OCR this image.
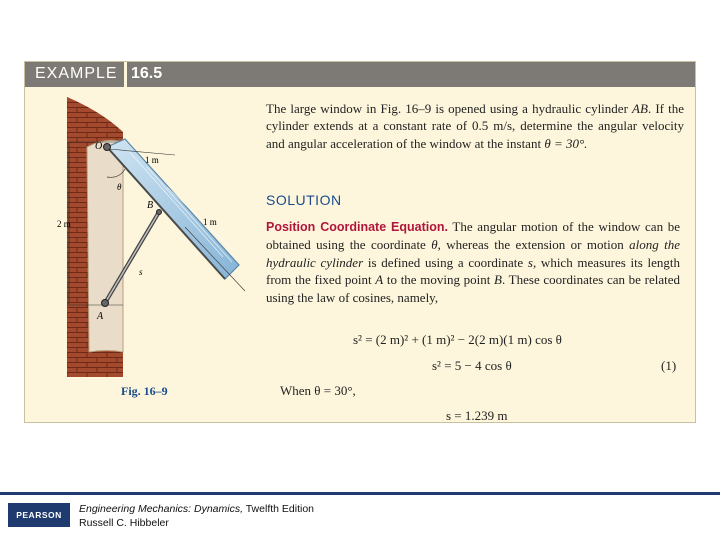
EXAMPLE 16.5
O
1 m
θ
B
2 m	1 m
s
A
Fig. 16–9
The large window in Fig. 16–9 is opened using a hydraulic cylinder AB. If the cylinder extends at a constant rate of 0.5 m/s, determine the angular velocity and angular acceleration of the window at the instant θ = 30°.
SOLUTION
Position Coordinate Equation. The angular motion of the window can be obtained using the coordinate θ, whereas the extension or motion along the hydraulic cylinder is defined using a coordinate s, which measures its length from the fixed point A to the moving point B. These coordinates can be related using the law of cosines, namely,
s² = (2 m)² + (1 m)² − 2(2 m)(1 m) cos θ
s² = 5 − 4 cos θ	(1)
When θ = 30°,
s = 1.239 m
PEARSON	Engineering Mechanics: Dynamics, Twelfth Edition
Russell C. Hibbeler
